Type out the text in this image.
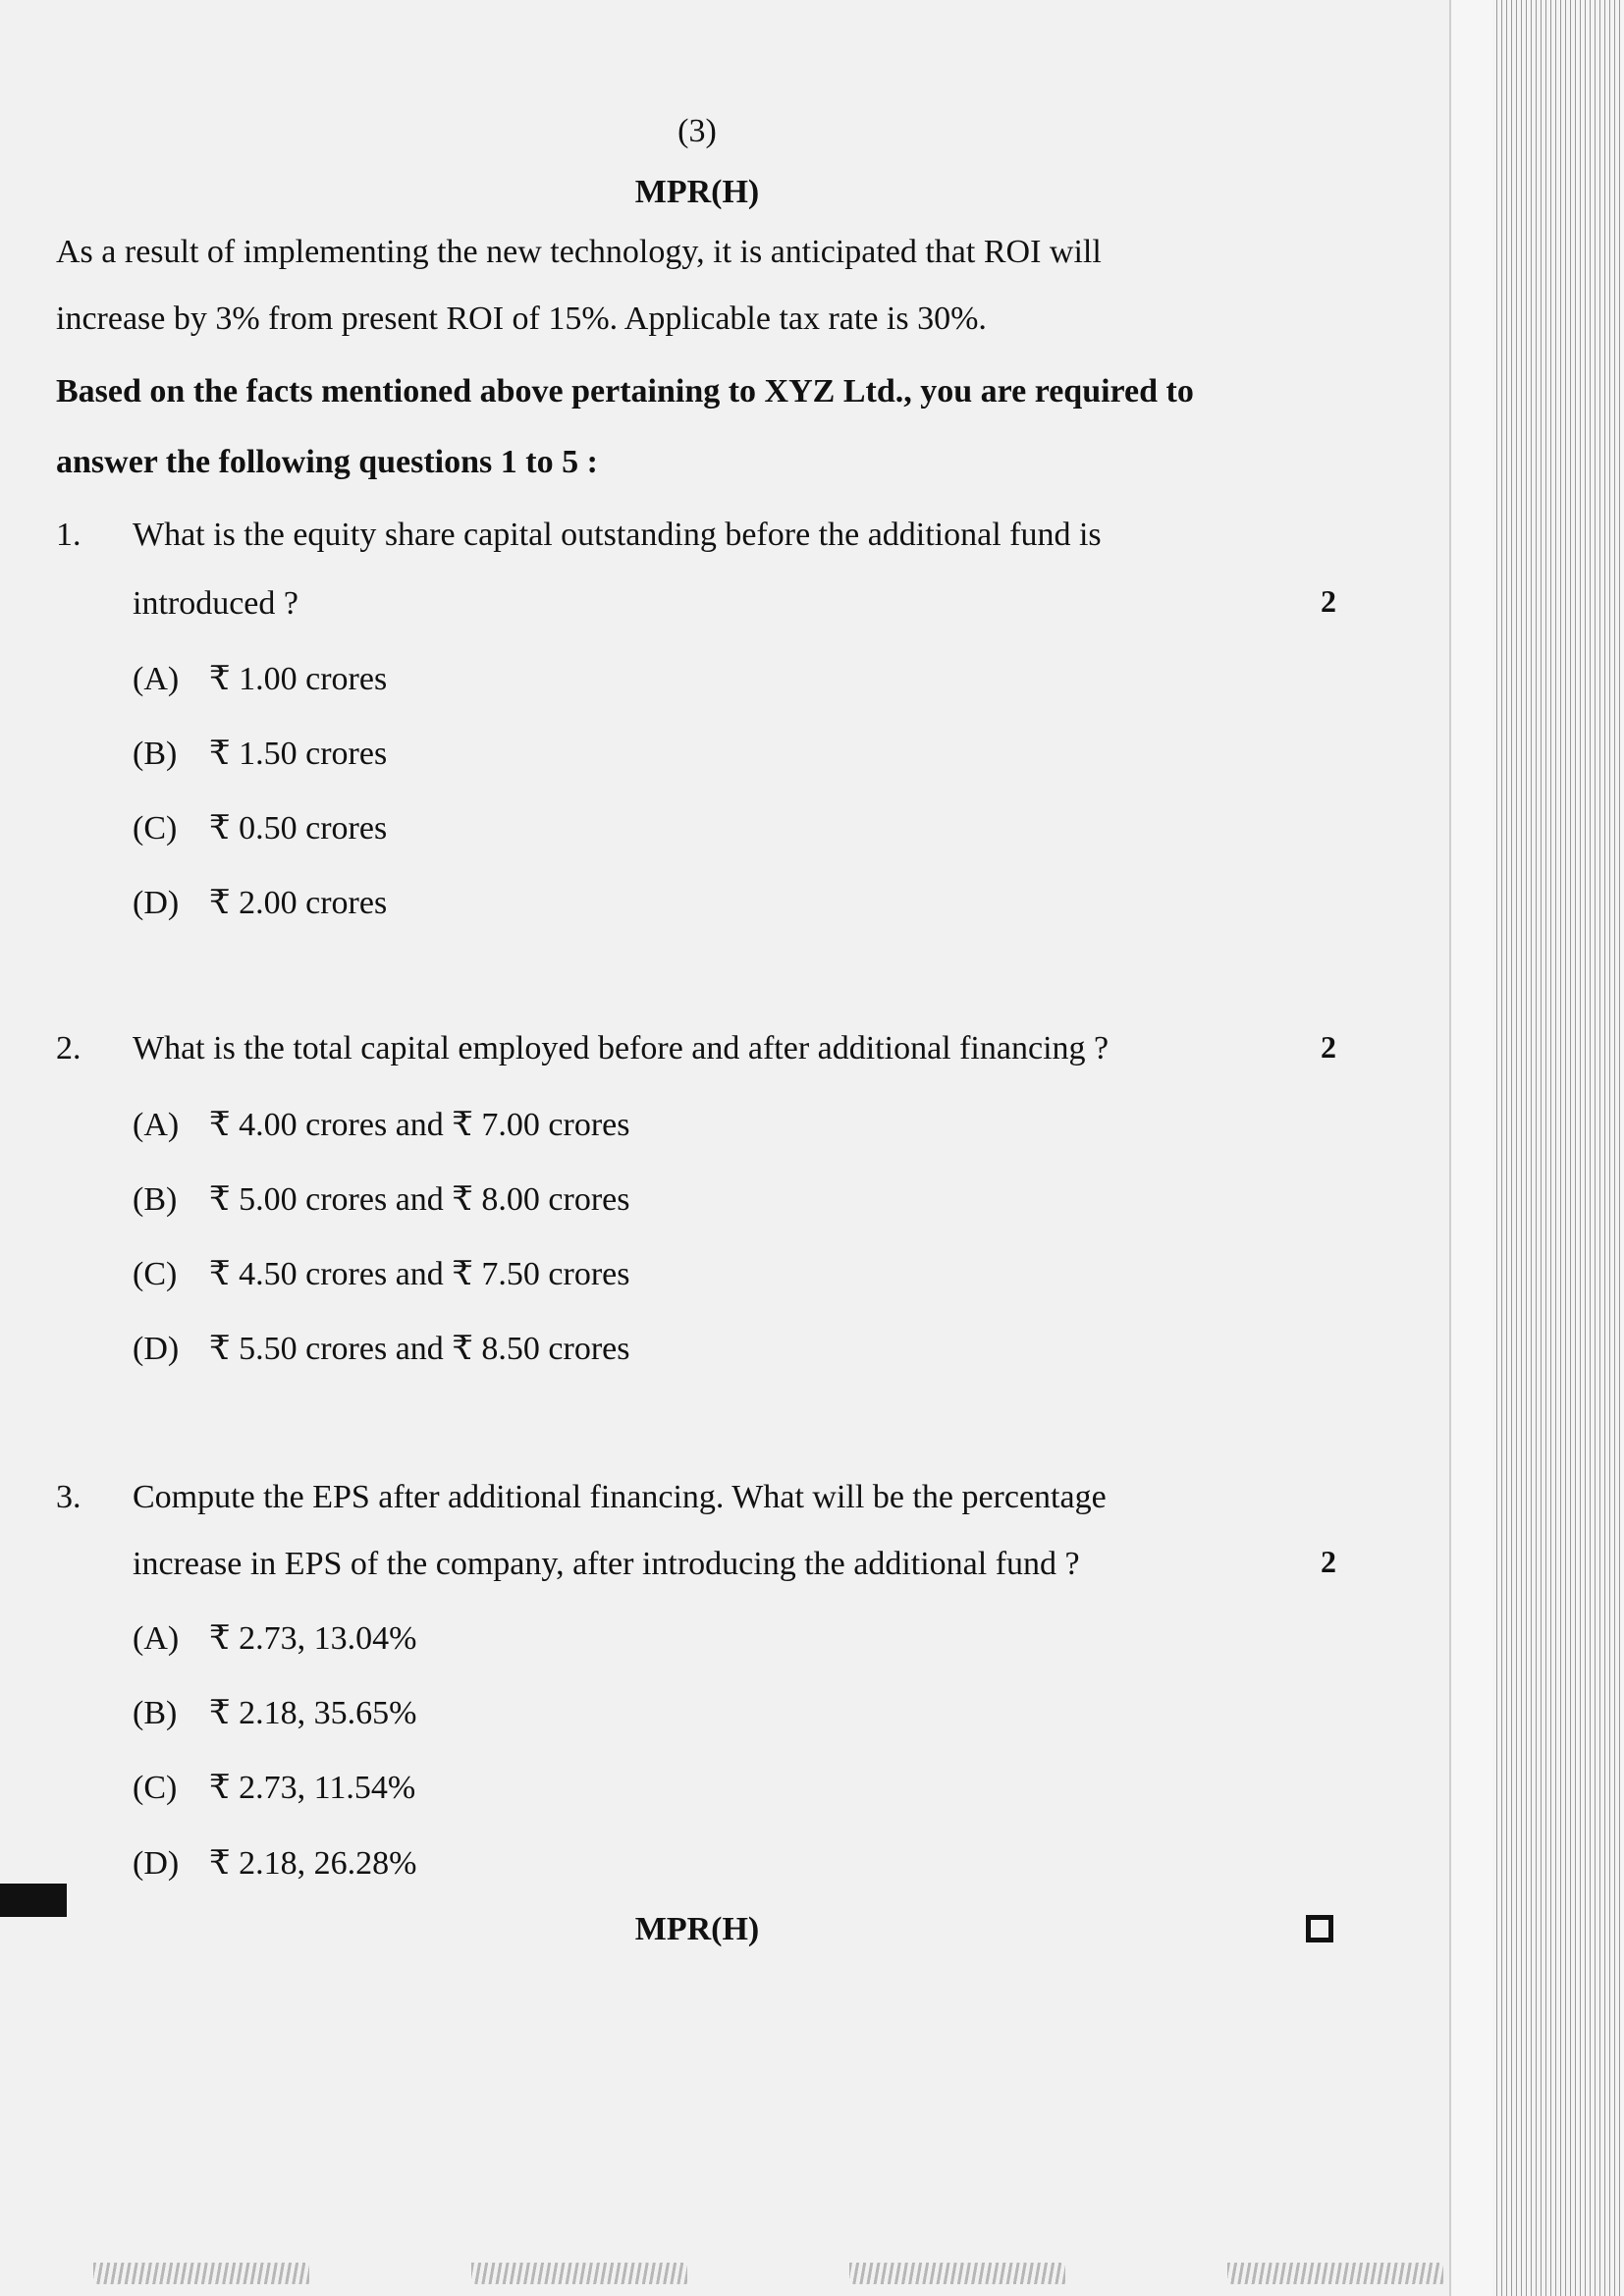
(3)
MPR(H)
As a result of implementing the new technology, it is anticipated that ROI will
increase by 3% from present ROI of 15%. Applicable tax rate is 30%.
Based on the facts mentioned above pertaining to XYZ Ltd., you are required to
answer the following questions 1 to 5 :
1. What is the equity share capital outstanding before the additional fund is
introduced ?	2
(A) ₹ 1.00 crores
(B) ₹ 1.50 crores
(C) ₹ 0.50 crores
(D) ₹ 2.00 crores
2. What is the total capital employed before and after additional financing ?	2
(A) ₹ 4.00 crores and ₹ 7.00 crores
(B) ₹ 5.00 crores and ₹ 8.00 crores
(C) ₹ 4.50 crores and ₹ 7.50 crores
(D) ₹ 5.50 crores and ₹ 8.50 crores
3. Compute the EPS after additional financing. What will be the percentage
increase in EPS of the company, after introducing the additional fund ?	2
(A) ₹ 2.73, 13.04%
(B) ₹ 2.18, 35.65%
(C) ₹ 2.73, 11.54%
(D) ₹ 2.18, 26.28%
MPR(H)
